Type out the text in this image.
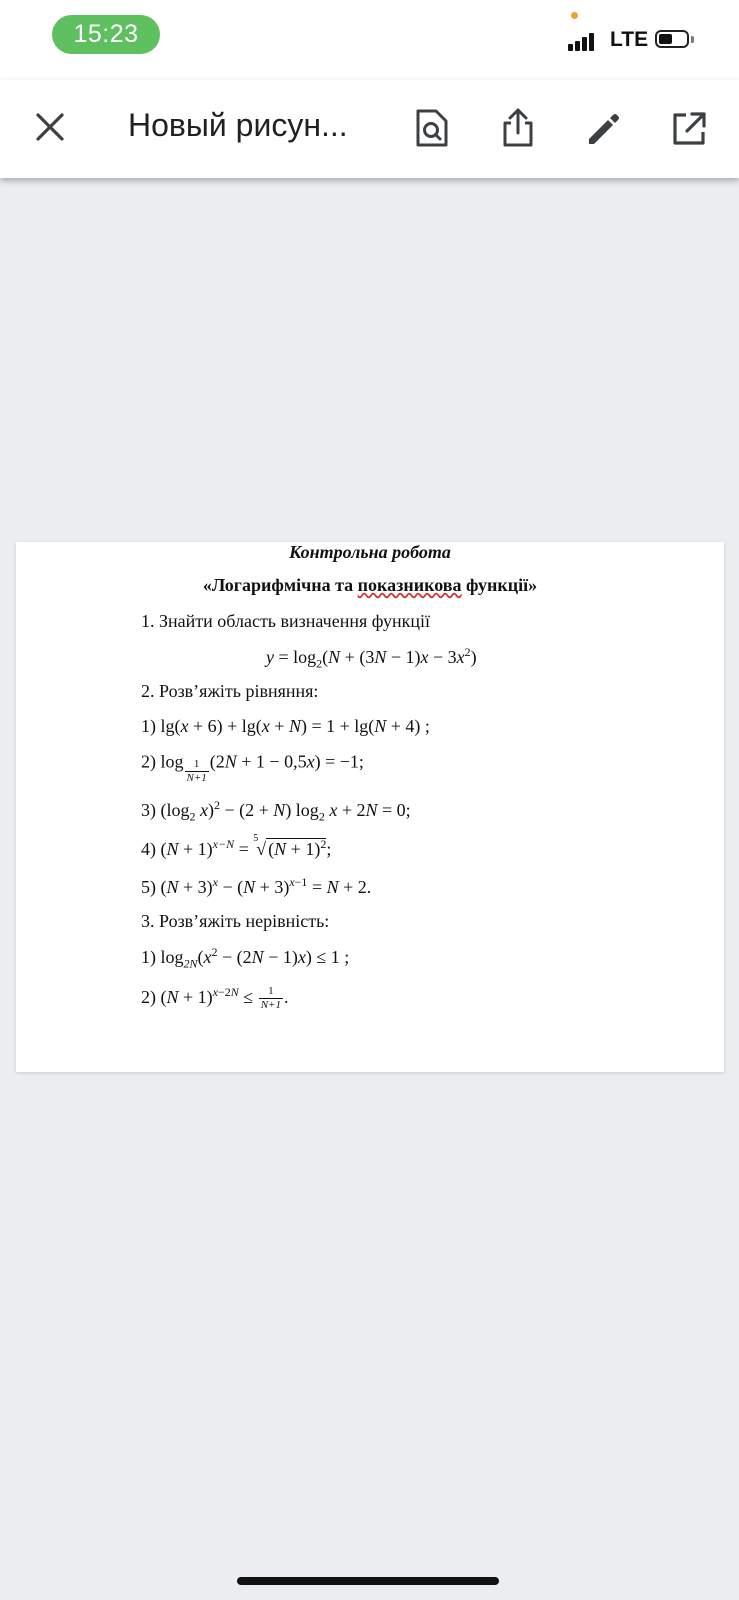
15:23	LTE
Новый рисун...
Контрольна робота
«Логарифмічна та показникова функції»
1. Знайти область визначення функції
$y = \log_2(N + (3N - 1)x - 3x^2)$
2. Розв’яжіть рівняння:
1) lg(x + 6) + lg(x + N) = 1 + lg(N + 4) ;
2) $\log \frac{1}{N+1} (2N + 1 - 0,5x) = -1$;
3) ($\log_2$ x)$^2$ − (2 + N) $\log_2 x + 2N = 0$;
4) $(N + 1)^{x-N} = ^5√$ $(N + 1)^2$;
5) $(N + 3)^x - (N + 3)^{x-1} = N + 2$.
3. Розв’яжіть нерівність:
1) $\log_{2N}(x^2 - (2N - 1)x) \le 1$ ;
2) $(N + 1)^{x-2N} \le \frac{1}{N+1}$ .
